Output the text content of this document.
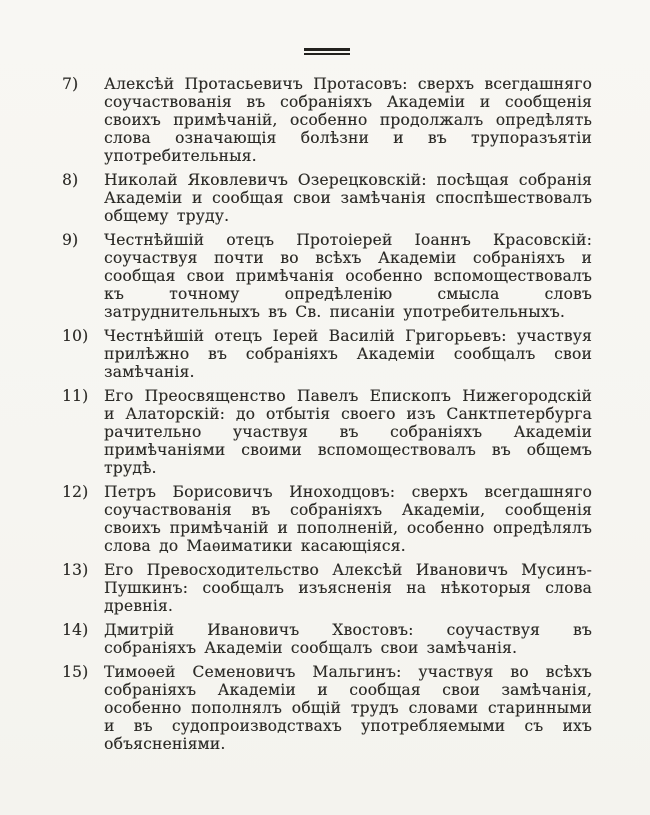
7) Алексѣй Протасьевичъ Протасовъ: сверхъ всегдашняго соучаствованія въ собраніяхъ Академіи и сообщенія своихъ примѣчаній, особенно продолжалъ опредѣлять слова означающія болѣзни и въ трупоразъятіи употребительныя.
8) Николай Яковлевичъ Озерецковскій: посѣщая собранія Академіи и сообщая свои замѣчанія споспѣшествовалъ общему труду.
9) Честнѣйшій отецъ Протоіерей Іоаннъ Красовскій: соучаствуя почти во всѣхъ Академіи собраніяхъ и сообщая свои примѣчанія особенно вспомоществовалъ къ точному опредѣленію смысла словъ затруднительныхъ въ Св. писаніи употребительныхъ.
10) Честнѣйшій отецъ Іерей Василій Григорьевъ: участвуя прилѣжно въ собраніяхъ Академіи сообщалъ свои замѣчанія.
11) Его Преосвященство Павелъ Епископъ Нижегородскій и Алаторскій: до отбытія своего изъ Санктпетербурга рачительно участвуя въ собраніяхъ Академіи примѣчаніями своими вспомоществовалъ въ общемъ трудѣ.
12) Петръ Борисовичъ Иноходцовъ: сверхъ всегдашняго соучаствованія въ собраніяхъ Академіи, сообщенія своихъ примѣчаній и пополненій, особенно опредѣлялъ слова до Маѳиматики касающіяся.
13) Его Превосходительство Алексѣй Ивановичъ Мусинъ-Пушкинъ: сообщалъ изъясненія на нѣкоторыя слова древнія.
14) Дмитрій Ивановичъ Хвостовъ: соучаствуя въ собраніяхъ Академіи сообщалъ свои замѣчанія.
15) Тимоѳей Семеновичъ Мальгинъ: участвуя во всѣхъ собраніяхъ Академіи и сообщая свои замѣчанія, особенно пополнялъ общій трудъ словами старинными и въ судопроизводствахъ употребляемыми съ ихъ объясненіями.
